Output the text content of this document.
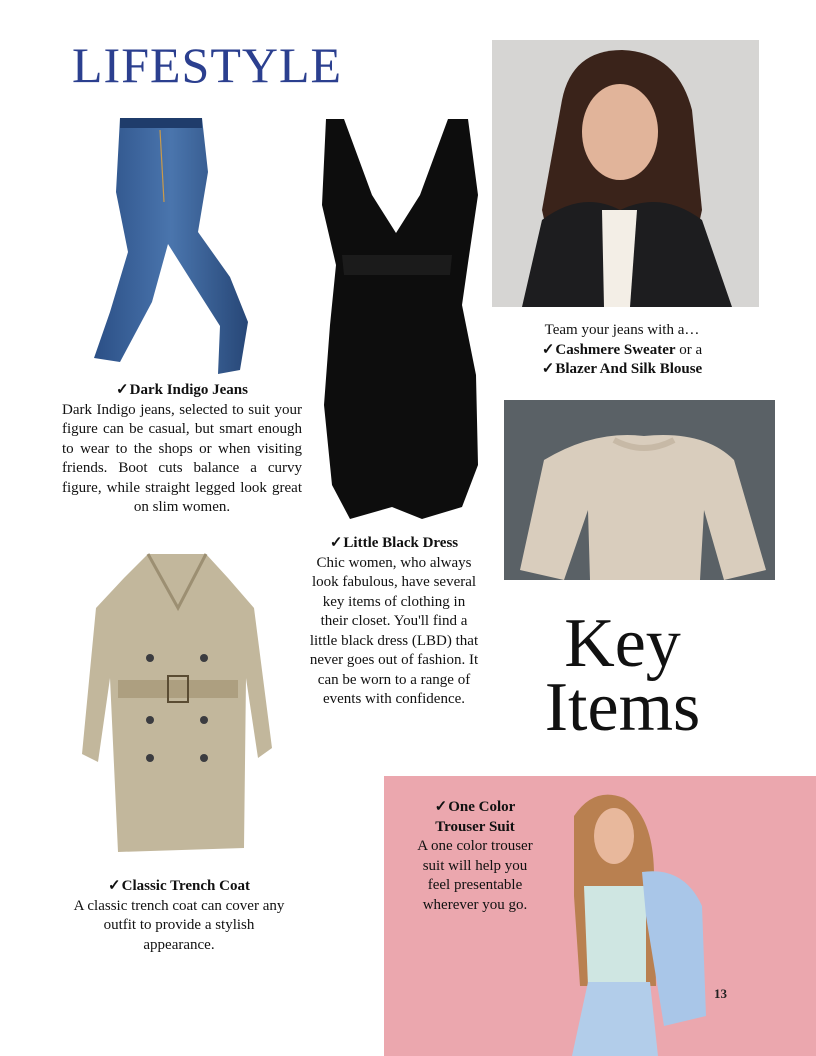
LIFESTYLE
✓Dark Indigo Jeans
Dark Indigo jeans, selected to suit your figure can be casual, but smart enough to wear to the shops or when visiting friends. Boot cuts balance a curvy figure, while straight legged look great on slim women.
✓Little Black Dress
Chic women, who always look fabulous, have several key items of clothing in their closet. You'll find a little black dress (LBD) that never goes out of fashion. It can be worn to a range of events with confidence.
Team your jeans with a…
✓Cashmere Sweater or a
✓Blazer And Silk Blouse
Key
Items
✓Classic Trench Coat
A classic trench coat can cover any outfit to provide a stylish appearance.
✓One Color
Trouser Suit
A one color trouser suit will help you feel presentable wherever you go.
13
